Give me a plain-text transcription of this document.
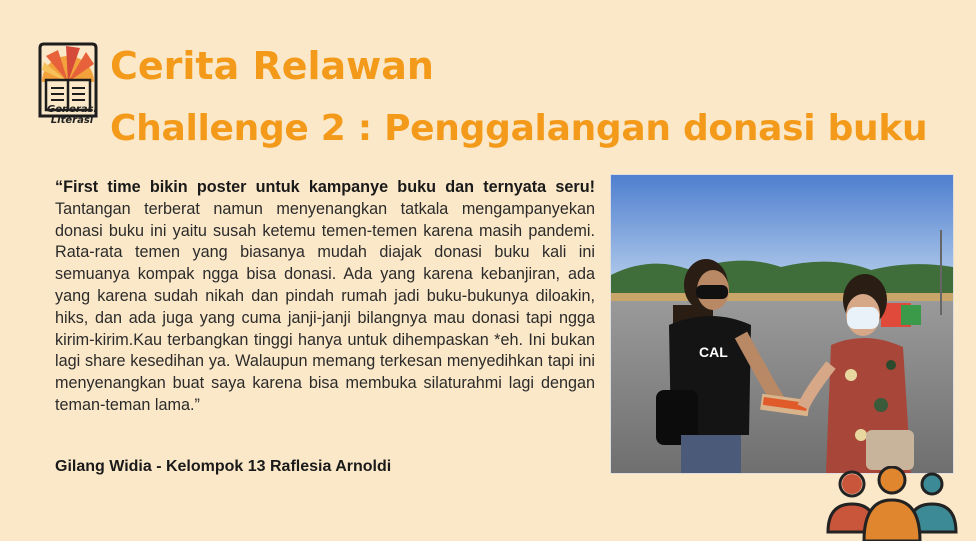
Generasi
Literasi
Cerita Relawan
Challenge 2 : Penggalangan donasi buku

“First time bikin poster untuk kampanye buku dan ternyata seru! Tantangan terberat namun menyenangkan tatkala mengampanyekan donasi buku ini yaitu susah ketemu temen-temen karena masih pandemi. Rata-rata temen yang biasanya mudah diajak donasi buku kali ini semuanya kompak ngga bisa donasi. Ada yang karena kebanjiran, ada yang karena sudah nikah dan pindah rumah jadi buku-bukunya diloakin, hiks, dan ada juga yang cuma janji-janji bilangnya mau donasi tapi ngga kirim-kirim.Kau terbangkan tinggi hanya untuk dihempaskan *eh. Ini bukan lagi share kesedihan ya. Walaupun memang terkesan menyedihkan tapi ini menyenangkan buat saya karena bisa membuka silaturahmi lagi dengan teman-teman lama.”

Gilang Widia - Kelompok 13 Raflesia Arnoldi

CAL
